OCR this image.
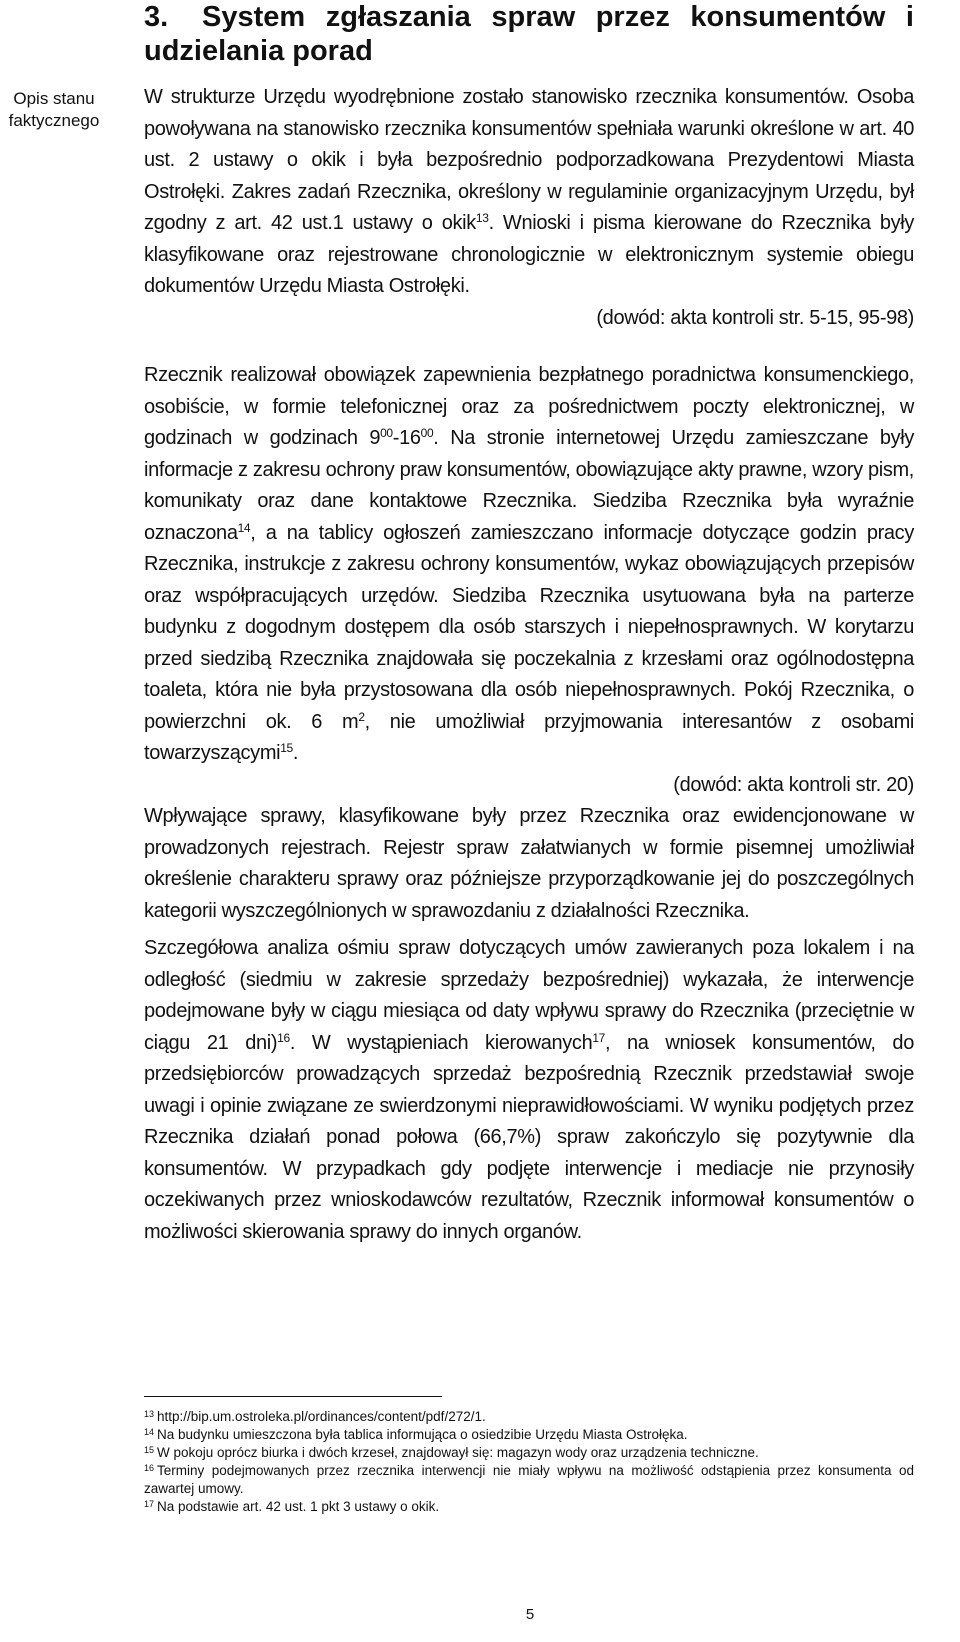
3. System zgłaszania spraw przez konsumentów i udzielania porad
Opis stanu faktycznego

W strukturze Urzędu wyodrębnione zostało stanowisko rzecznika konsumentów. Osoba powoływana na stanowisko rzecznika konsumentów spełniała warunki określone w art. 40 ust. 2 ustawy o okik i była bezpośrednio podporzadkowana Prezydentowi Miasta Ostrołęki. Zakres zadań Rzecznika, określony w regulaminie organizacyjnym Urzędu, był zgodny z art. 42 ust.1 ustawy o okik$^{13}$. Wnioski i pisma kierowane do Rzecznika były klasyfikowane oraz rejestrowane chronologicznie w elektronicznym systemie obiegu dokumentów Urzędu Miasta Ostrołęki.

(dowód: akta kontroli str. 5-15, 95-98)

Rzecznik realizował obowiązek zapewnienia bezpłatnego poradnictwa konsumenckiego, osobiście, w formie telefonicznej oraz za pośrednictwem poczty elektronicznej, w godzinach w godzinach $9^{00}-16^{00}$. Na stronie internetowej Urzędu zamieszczane były informacje z zakresu ochrony praw konsumentów, obowiązujące akty prawne, wzory pism, komunikaty oraz dane kontaktowe Rzecznika. Siedziba Rzecznika była wyraźnie oznaczona$^{14}$, a na tablicy ogłoszeń zamieszczano informacje dotyczące godzin pracy Rzecznika, instrukcje z zakresu ochrony konsumentów, wykaz obowiązujących przepisów oraz współpracujących urzędów. Siedziba Rzecznika usytuowana była na parterze budynku z dogodnym dostępem dla osób starszych i niepełnosprawnych. W korytarzu przed siedzibą Rzecznika znajdowała się poczekalnia z krzesłami oraz ogólnodostępna toaleta, która nie była przystosowana dla osób niepełnosprawnych. Pokój Rzecznika, o powierzchni ok. 6 $m^2$, nie umożliwiał przyjmowania interesantów z osobami towarzyszącymi$^{15}$.

(dowód: akta kontroli str. 20)

Wpływające sprawy, klasyfikowane były przez Rzecznika oraz ewidencjonowane w prowadzonych rejestrach. Rejestr spraw załatwianych w formie pisemnej umożliwiał określenie charakteru sprawy oraz późniejsze przyporządkowanie jej do poszczególnych kategorii wyszczególnionych w sprawozdaniu z działalności Rzecznika.

Szczegółowa analiza ośmiu spraw dotyczących umów zawieranych poza lokalem i na odległość (siedmiu w zakresie sprzedaży bezpośredniej) wykazała, że interwencje podejmowane były w ciągu miesiąca od daty wpływu sprawy do Rzecznika (przeciętnie w ciągu 21 dni)$^{16}$. W wystąpieniach kierowanych$^{17}$, na wniosek konsumentów, do przedsiębiorców prowadzących sprzedaż bezpośrednią Rzecznik przedstawiał swoje uwagi i opinie związane ze swierdzonymi nieprawidłowościami. W wyniku podjętych przez Rzecznika działań ponad połowa (66,7%) spraw zakończylo się pozytywnie dla konsumentów. W przypadkach gdy podjęte interwencje i mediacje nie przynosiły oczekiwanych przez wnioskodawców rezultatów, Rzecznik informował konsumentów o możliwości skierowania sprawy do innych organów.

$^{13}$ http://bip.um.ostroleka.pl/ordinances/content/pdf/272/1.
$^{14}$ Na budynku umieszczona była tablica informująca o osiedzibie Urzędu Miasta Ostrołęka.
$^{15}$ W pokoju oprócz biurka i dwóch krzeseł, znajdowaył się: magazyn wody oraz urządzenia techniczne.
$^{16}$ Terminy podejmowanych przez rzecznika interwencji nie miały wpływu na możliwość odstąpienia przez konsumenta od zawartej umowy.
$^{17}$ Na podstawie art. 42 ust. 1 pkt 3 ustawy o okik.
5
